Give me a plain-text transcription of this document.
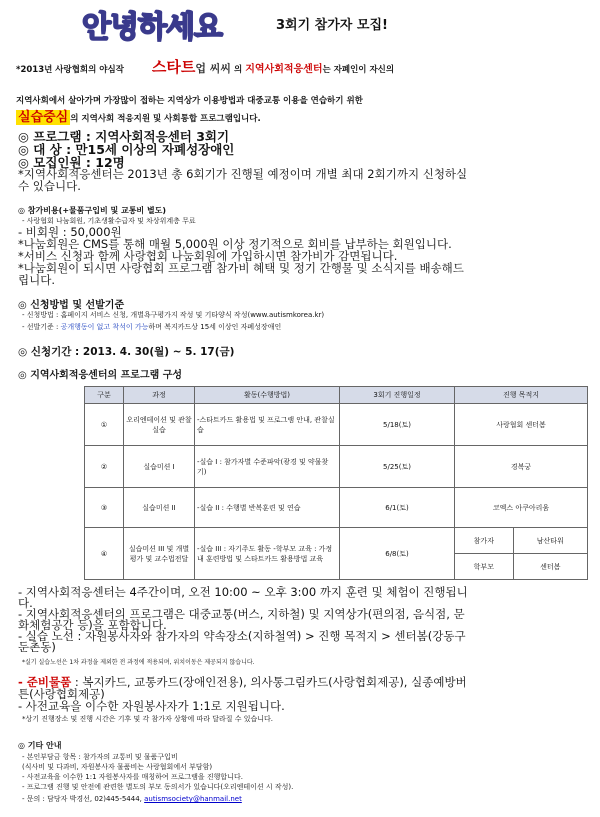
안녕하세요	3회기 참가자 모집!
*2013년 사랑협회의 야심작 스타트업 씨씨 의 지역사회적응센터는 자폐인이 자신의
지역사회에서 살아가며 가장많이 접하는 지역상가 이용방법과 대중교통 이용을 연습하기 위한
실습중심 의 지역사회 적응지원 및 사회통합 프로그램입니다.
◎ 프로그램 : 지역사회적응센터 3회기
◎ 대 상 : 만15세 이상의 자폐성장애인
◎ 모집인원 : 12명
*지역사회적응센터는 2013년 총 6회기가 진행될 예정이며 개별 최대 2회기까지 신청하실
수 있습니다.
◎ 참가비용(+물품구입비 및 교통비 별도)
- 사랑협회 나눔회원, 기초생활수급자 및 차상위계층 무료
- 비회원 : 50,000원
*나눔회원은 CMS를 통해 매월 5,000원 이상 정기적으로 회비를 납부하는 회원입니다.
*서비스 신청과 함께 사랑협회 나눔회원에 가입하시면 참가비가 감면됩니다.
*나눔회원이 되시면 사랑협회 프로그램 참가비 혜택 및 정기 간행물 및 소식지를 배송해드
립니다.
◎ 신청방법 및 선발기준
- 신청방법 : 홈페이지 서비스 신청, 개별욕구평가지 작성 및 기타양식 작성(www.autismkorea.kr)
- 선발기준 : 공개행동이 없고 착석이 가능하며 복지카드상 15세 이상인 자폐성장애인
◎ 신청기간 : 2013. 4. 30(월) ~ 5. 17(금)
◎ 지역사회적응센터의 프로그램 구성
구분	과정	활동(수행방법)	3회기 진행일정	진행 목적지	
①	오리엔테이션 및 관찰실습	-스타트카드 활용법 및 프로그램 안내, 관찰실습	5/18(토)	사랑협회 센터봄	
②	실습미션 I	-실습 I : 참가자별 수준파악(광경 및 약물찾기)	5/25(토)	경복궁	
③	실습미션 II	-실습 II : 수행별 반복훈련 및 연습	6/1(토)	코엑스 아쿠아리움	
④	실습미션 III 및 개별평가 및 교수법전달	-실습 III : 자기주도 활동 -학부모 교육 : 가정내 훈련방법 및 스타트카드 활용방법 교육	6/8(토)	참가자	남산타워
				학부모	센터봄
- 지역사회적응센터는 4주간이며, 오전 10:00 ~ 오후 3:00 까지 훈련 및 체험이 진행됩니
다.
- 지역사회적응센터의 프로그램은 대중교통(버스, 지하철) 및 지역상가(편의점, 음식점, 문
화체험공간 등)을 포함합니다.
- 실습 노선 : 자원봉사자와 참가자의 약속장소(지하철역) > 진행 목적지 > 센터봄(강동구
둔촌동)
*실기 실습노선은 1차 과정을 제외한 전 과정에 적용되며, 위치이동은 제공되지 않습니다.
- 준비물품 : 복지카드, 교통카드(장애인전용), 의사통그림카드(사랑협회제공), 실종예방버
튼(사랑협회제공)
- 사전교육을 이수한 자원봉사자가 1:1로 지원됩니다.
*상기 진행장소 및 진행 시간은 기후 및 각 참가자 상황에 따라 달라질 수 있습니다.
◎ 기타 안내
- 본인부담금 항목 : 참가자의 교통비 및 물품구입비
(식사비 및 다과비, 자원봉사자 물품비는 사랑협회에서 부담함)
- 사전교육을 이수한 1:1 자원봉사자를 매칭하여 프로그램을 진행합니다.
- 프로그램 진행 및 안전에 관련한 별도의 부모 동의서가 있습니다(오리엔테이션 시 작성).
- 문의 : 담당자 박경선, 02)445-5444, autismsociety@hanmail.net
